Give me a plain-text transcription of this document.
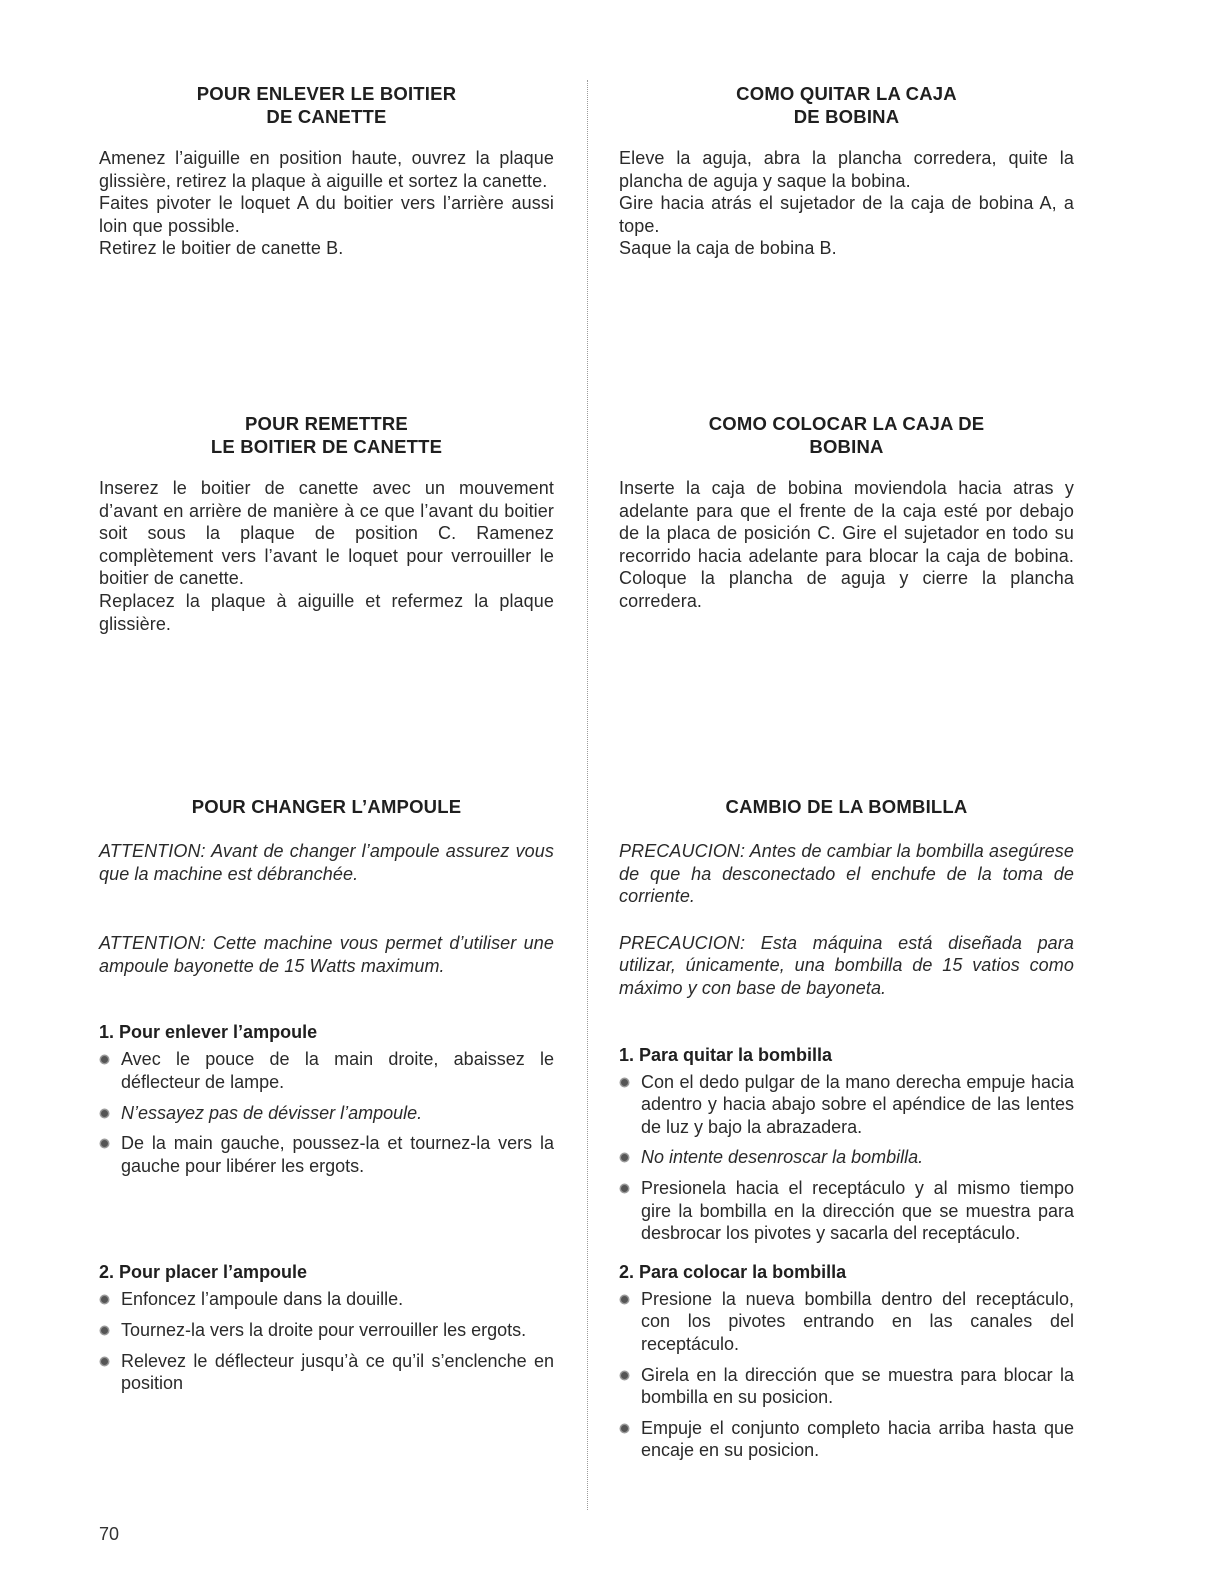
POUR ENLEVER LE BOITIER
DE CANETTE
Amenez l’aiguille en position haute, ouvrez la plaque glissière, retirez la plaque à aiguille et sortez la canette.
Faites pivoter le loquet A du boitier vers l’arrière aussi loin que possible.
Retirez le boitier de canette B.
POUR REMETTRE
LE BOITIER DE CANETTE
Inserez le boitier de canette avec un mouvement d’avant en arrière de manière à ce que l’avant du boitier soit sous la plaque de position C. Ramenez complètement vers l’avant le loquet pour verrouiller le boitier de canette.
Replacez la plaque à aiguille et refermez la plaque glissière.
POUR CHANGER L’AMPOULE

ATTENTION: Avant de changer l’ampoule assurez vous que la machine est débranchée.

ATTENTION: Cette machine vous permet d’utiliser une ampoule bayonette de 15 Watts maximum.

1. Pour enlever l’ampoule

Avec le pouce de la main droite, abaissez le déflecteur de lampe.
N’essayez pas de dévisser l’ampoule.
De la main gauche, poussez-la et tournez-la vers la gauche pour libérer les ergots.

2. Pour placer l’ampoule

Enfoncez l’ampoule dans la douille.
Tournez-la vers la droite pour verrouiller les ergots.
Relevez le déflecteur jusqu’à ce qu’il s’enclenche en position
COMO QUITAR LA CAJA
DE BOBINA
Eleve la aguja, abra la plancha corredera, quite la plancha de aguja y saque la bobina.
Gire hacia atrás el sujetador de la caja de bobina A, a tope.
Saque la caja de bobina B.
COMO COLOCAR LA CAJA DE
BOBINA
Inserte la caja de bobina moviendola hacia atras y adelante para que el frente de la caja esté por debajo de la placa de posición C. Gire el sujetador en todo su recorrido hacia adelante para blocar la caja de bobina. Coloque la plancha de aguja y cierre la plancha corredera.
CAMBIO DE LA BOMBILLA

PRECAUCION: Antes de cambiar la bombilla asegúrese de que ha desconectado el enchufe de la toma de corriente.

PRECAUCION: Esta máquina está diseñada para utilizar, únicamente, una bombilla de 15 vatios como máximo y con base de bayoneta.

1. Para quitar la bombilla

Con el dedo pulgar de la mano derecha empuje hacia adentro y hacia abajo sobre el apéndice de las lentes de luz y bajo la abrazadera.
No intente desenroscar la bombilla.
Presionela hacia el receptáculo y al mismo tiempo gire la bombilla en la dirección que se muestra para desbrocar los pivotes y sacarla del receptáculo.

2. Para colocar la bombilla

Presione la nueva bombilla dentro del receptáculo, con los pivotes entrando en las canales del receptáculo.
Girela en la dirección que se muestra para blocar la bombilla en su posicion.
Empuje el conjunto completo hacia arriba hasta que encaje en su posicion.
70
